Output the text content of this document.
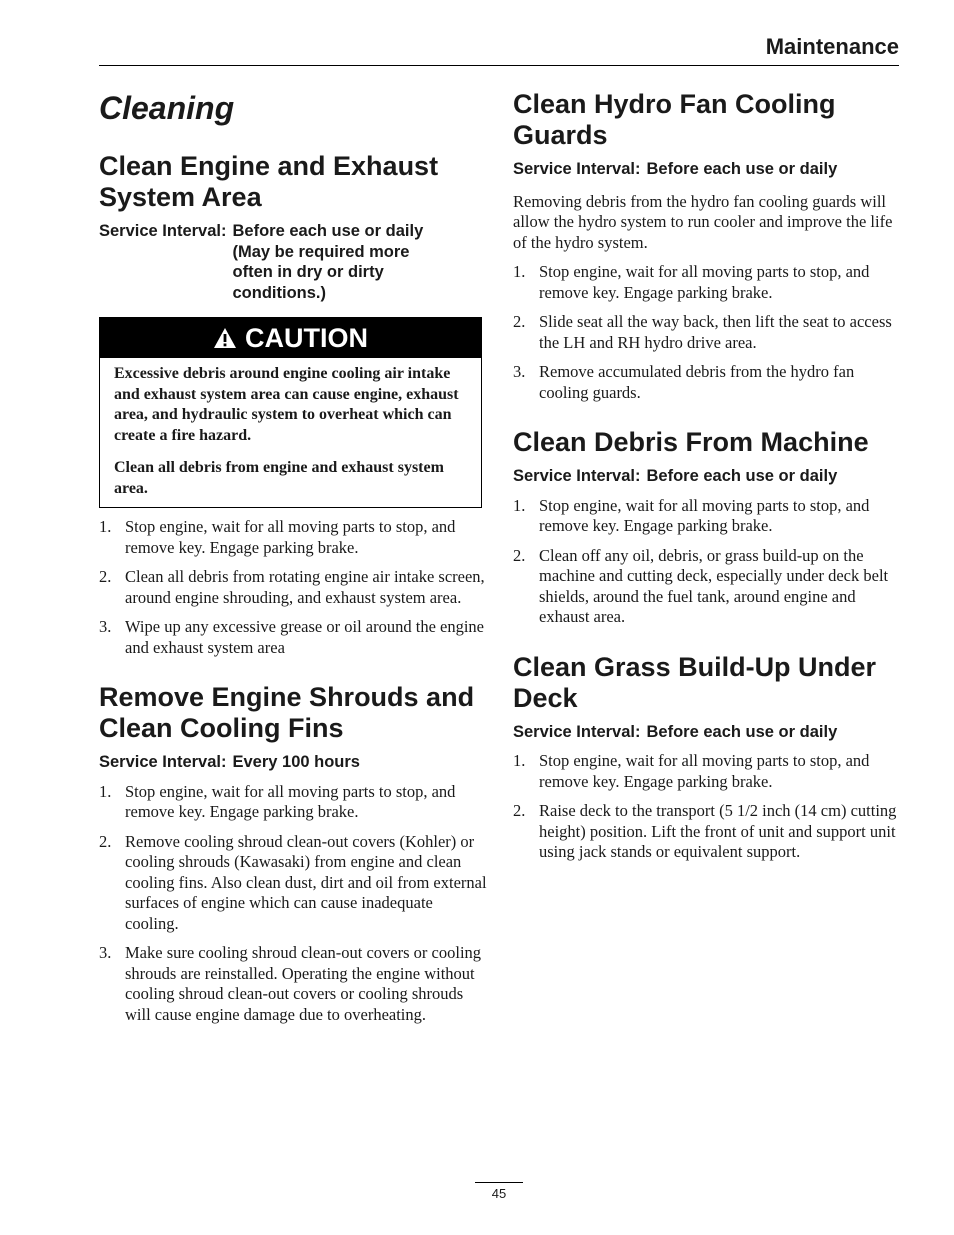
Maintenance
Cleaning
Clean Engine and Exhaust System Area
Service Interval: Before each use or daily (May be required more often in dry or dirty conditions.)
CAUTION

Excessive debris around engine cooling air intake and exhaust system area can cause engine, exhaust area, and hydraulic system to overheat which can create a fire hazard.

Clean all debris from engine and exhaust system area.

1. Stop engine, wait for all moving parts to stop, and remove key. Engage parking brake.
2. Clean all debris from rotating engine air intake screen, around engine shrouding, and exhaust system area.
3. Wipe up any excessive grease or oil around the engine and exhaust system area
Remove Engine Shrouds and Clean Cooling Fins
Service Interval: Every 100 hours
1. Stop engine, wait for all moving parts to stop, and remove key. Engage parking brake.
2. Remove cooling shroud clean-out covers (Kohler) or cooling shrouds (Kawasaki) from engine and clean cooling fins. Also clean dust, dirt and oil from external surfaces of engine which can cause inadequate cooling.
3. Make sure cooling shroud clean-out covers or cooling shrouds are reinstalled. Operating the engine without cooling shroud clean-out covers or cooling shrouds will cause engine damage due to overheating.
Clean Hydro Fan Cooling Guards
Service Interval: Before each use or daily

Removing debris from the hydro fan cooling guards will allow the hydro system to run cooler and improve the life of the hydro system.

1. Stop engine, wait for all moving parts to stop, and remove key. Engage parking brake.
2. Slide seat all the way back, then lift the seat to access the LH and RH hydro drive area.
3. Remove accumulated debris from the hydro fan cooling guards.
Clean Debris From Machine
Service Interval: Before each use or daily
1. Stop engine, wait for all moving parts to stop, and remove key. Engage parking brake.
2. Clean off any oil, debris, or grass build-up on the machine and cutting deck, especially under deck belt shields, around the fuel tank, around engine and exhaust area.
Clean Grass Build-Up Under Deck
Service Interval: Before each use or daily
1. Stop engine, wait for all moving parts to stop, and remove key. Engage parking brake.
2. Raise deck to the transport (5 1/2 inch (14 cm) cutting height) position. Lift the front of unit and support unit using jack stands or equivalent support.
45
